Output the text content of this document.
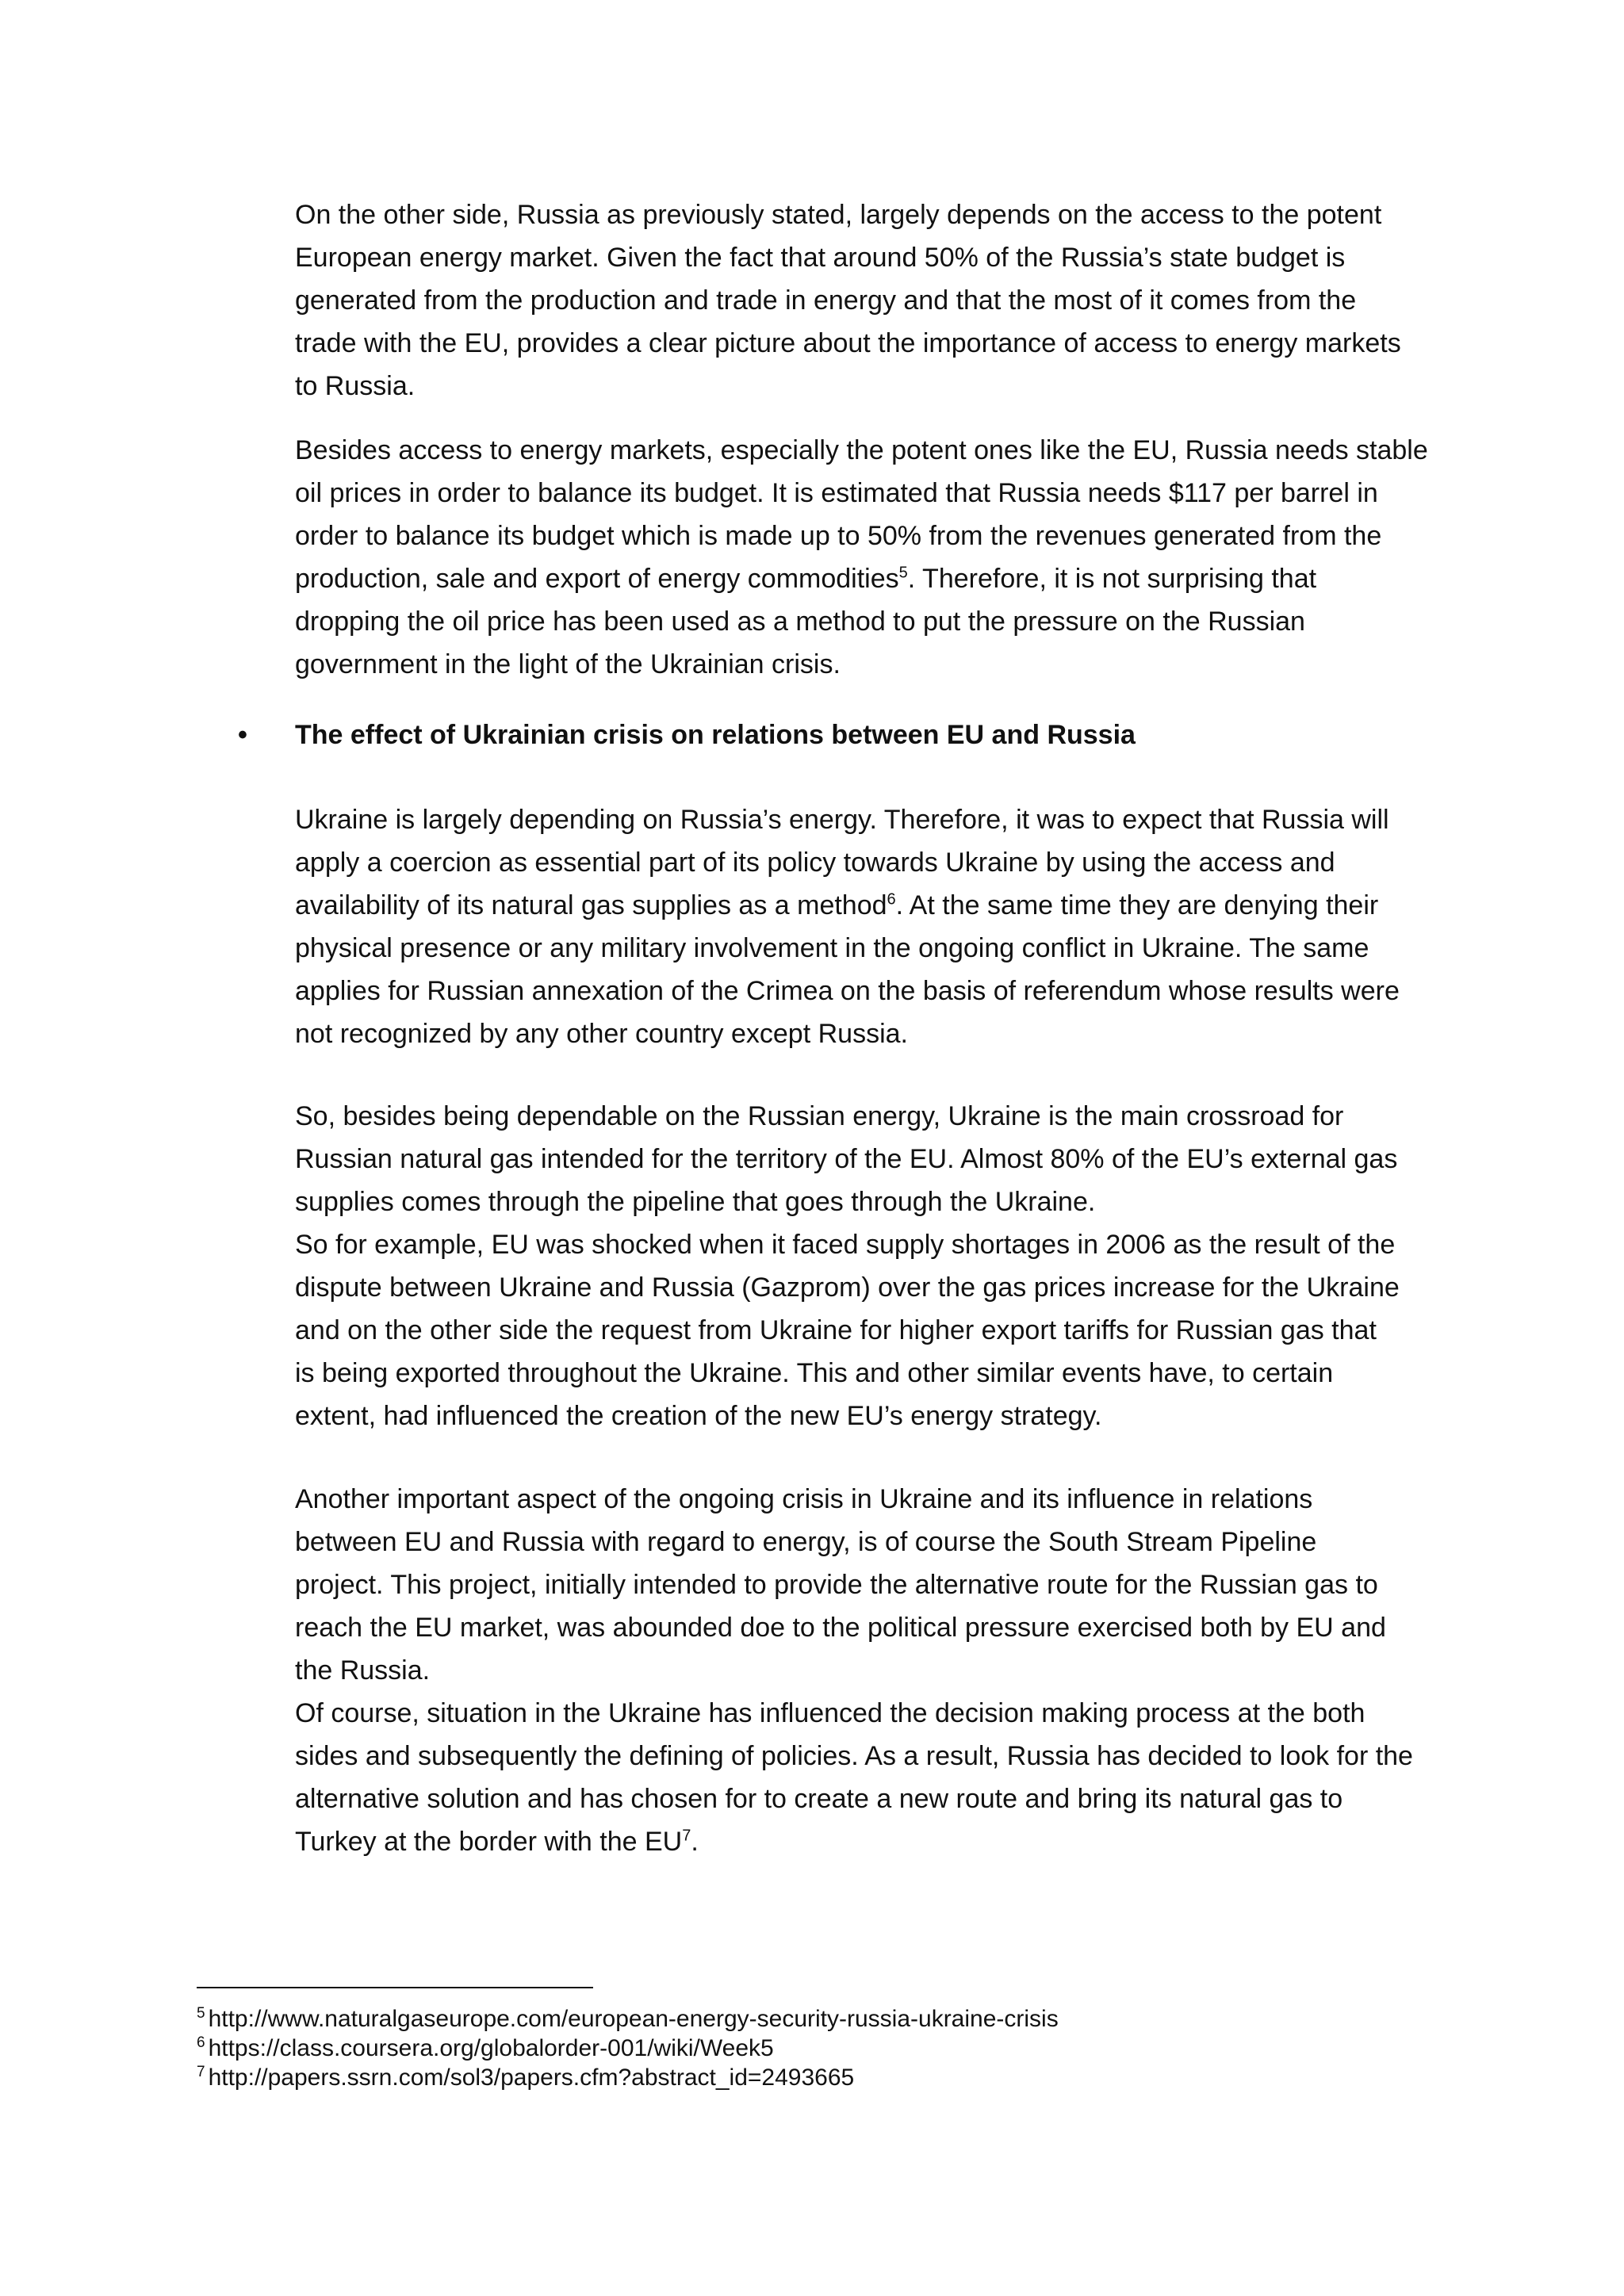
On the other side, Russia as previously stated, largely depends on the access to the potent
European energy market. Given the fact that around 50% of the Russia’s state budget is
generated from the production and trade in energy and that the most of it comes from the
trade with the EU, provides a clear picture about the importance of access to energy markets
to Russia.

Besides access to energy markets, especially the potent ones like the EU, Russia needs stable
oil prices in order to balance its budget. It is estimated that Russia needs $117 per barrel in
order to balance its budget which is made up to 50% from the revenues generated from the
production, sale and export of energy commodities$^5$. Therefore, it is not surprising that
dropping the oil price has been used as a method to put the pressure on the Russian
government in the light of the Ukrainian crisis.

•	The effect of Ukrainian crisis on relations between EU and Russia

Ukraine is largely depending on Russia’s energy. Therefore, it was to expect that Russia will
apply a coercion as essential part of its policy towards Ukraine by using the access and
availability of its natural gas supplies as a method$^6$. At the same time they are denying their
physical presence or any military involvement in the ongoing conflict in Ukraine. The same
applies for Russian annexation of the Crimea on the basis of referendum whose results were
not recognized by any other country except Russia.

So, besides being dependable on the Russian energy, Ukraine is the main crossroad for
Russian natural gas intended for the territory of the EU. Almost 80% of the EU’s external gas
supplies comes through the pipeline that goes through the Ukraine.
So for example, EU was shocked when it faced supply shortages in 2006 as the result of the
dispute between Ukraine and Russia (Gazprom) over the gas prices increase for the Ukraine
and on the other side the request from Ukraine for higher export tariffs for Russian gas that
is being exported throughout the Ukraine. This and other similar events have, to certain
extent, had influenced the creation of the new EU’s energy strategy.

Another important aspect of the ongoing crisis in Ukraine and its influence in relations
between EU and Russia with regard to energy, is of course the South Stream Pipeline
project. This project, initially intended to provide the alternative route for the Russian gas to
reach the EU market, was abounded doe to the political pressure exercised both by EU and
the Russia.
Of course, situation in the Ukraine has influenced the decision making process at the both
sides and subsequently the defining of policies. As a result, Russia has decided to look for the
alternative solution and has chosen for to create a new route and bring its natural gas to
Turkey at the border with the $EU^7$.

$^5$ http://www.naturalgaseurope.com/european-energy-security-russia-ukraine-crisis
$^6$ https://class.coursera.org/globalorder-001/wiki/Week5
$^7$ http://papers.ssrn.com/sol3/papers.cfm?abstract_id=2493665
